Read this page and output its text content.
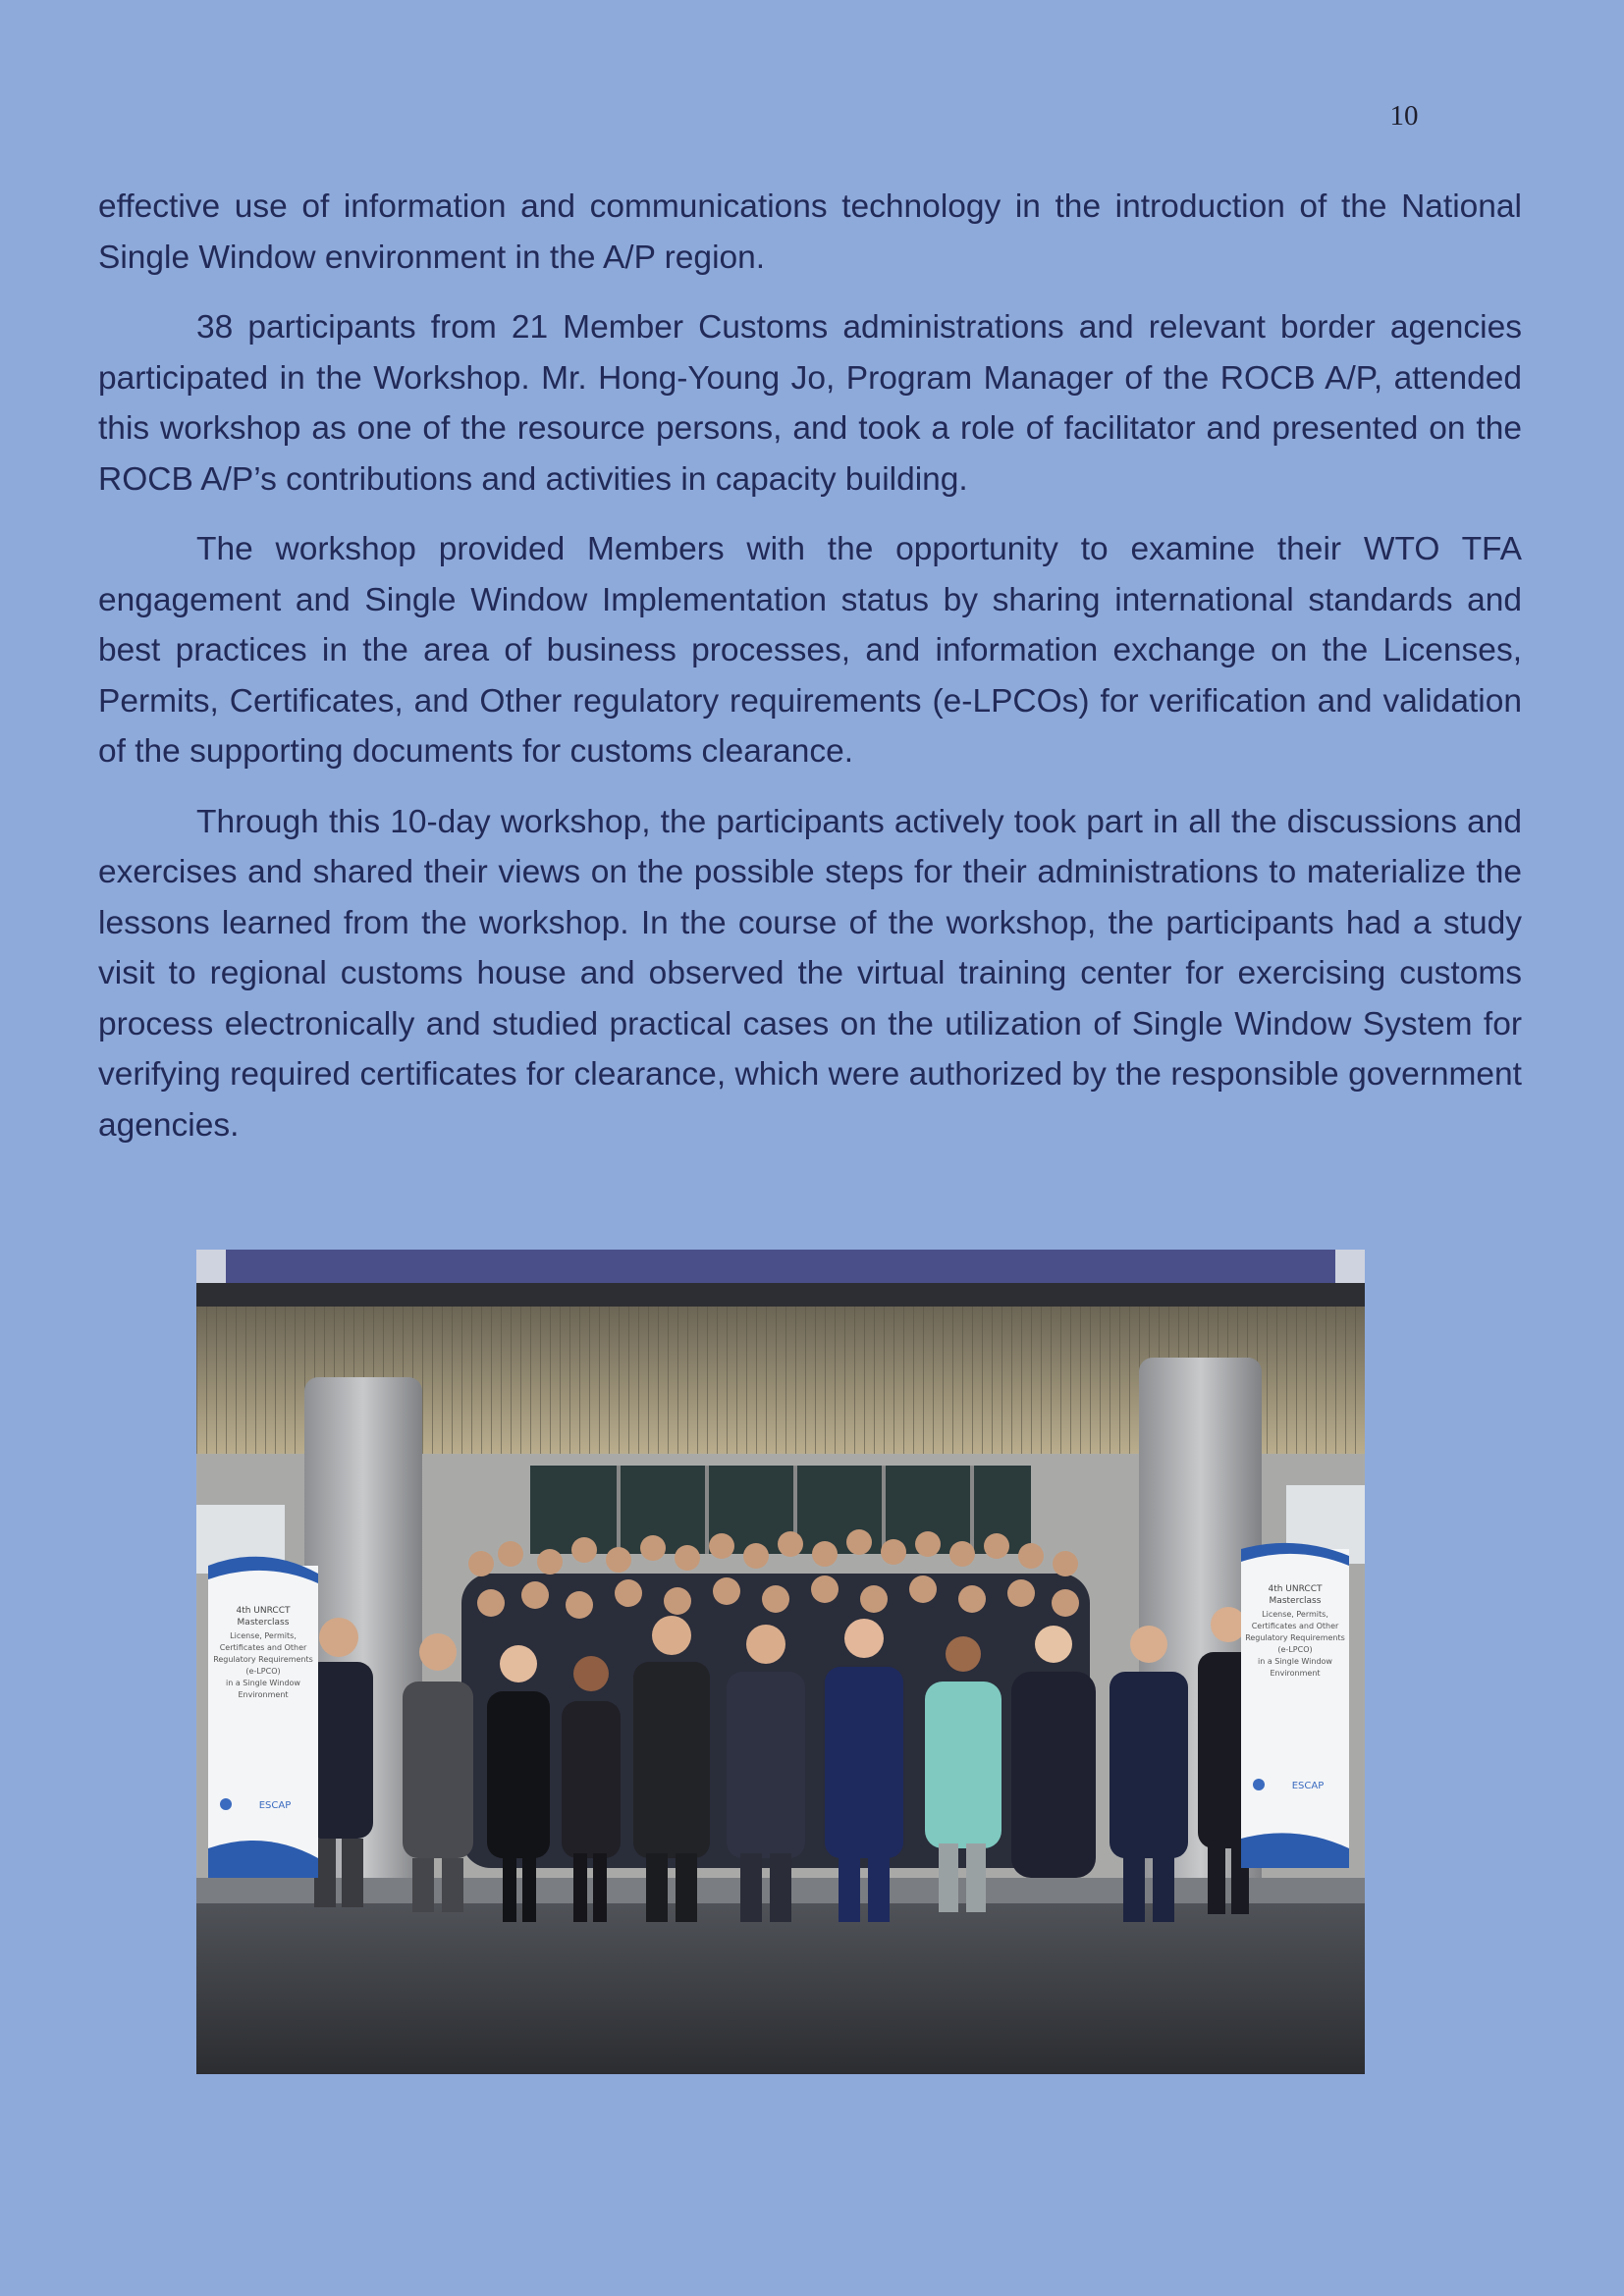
10

effective use of information and communications technology in the introduction of the National Single Window environment in the A/P region.

38 participants from 21 Member Customs administrations and relevant border agencies participated in the Workshop. Mr. Hong-Young Jo, Program Manager of the ROCB A/P, attended this workshop as one of the resource persons, and took a role of facilitator and presented on the ROCB A/P’s contributions and activities in capacity building.

The workshop provided Members with the opportunity to examine their WTO TFA engagement and Single Window Implementation status by sharing international standards and best practices in the area of business processes, and information exchange on the Licenses, Permits, Certificates, and Other regulatory requirements (e-LPCOs) for verification and validation of the supporting documents for customs clearance.

Through this 10-day workshop, the participants actively took part in all the discussions and exercises and shared their views on the possible steps for their administrations to materialize the lessons learned from the workshop. In the course of the workshop, the participants had a study visit to regional customs house and observed the virtual training center for exercising customs process electronically and studied practical cases on the utilization of Single Window System for verifying required certificates for clearance, which were authorized by the responsible government agencies.

4th UNRCCT
Masterclass
License, Permits,
Certificates and Other
Regulatory Requirements
(e-LPCO)
in a Single Window
Environment
ESCAP
4th UNRCCT
Masterclass
License, Permits,
Certificates and Other
Regulatory Requirements
(e-LPCO)
in a Single Window
Environment
ESCAP
